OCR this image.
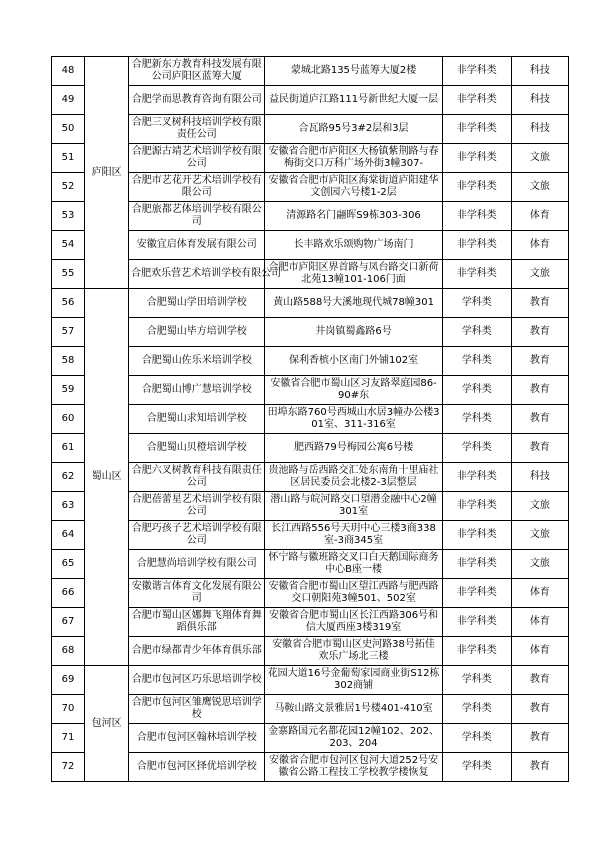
48	庐阳区	合肥新东方教育科技发展有限公司庐阳区蓝筹大厦	蒙城北路135号蓝筹大厦2楼	非学科类	科技
49		合肥学而思教育咨询有限公司	益民街道庐江路111号新世纪大厦一层	非学科类	科技
50		合肥三叉树科技培训学校有限责任公司	合瓦路95号3#2层和3层	非学科类	科技
51		合肥源古靖艺术培训学校有限公司	安徽省合肥市庐阳区大杨镇紫荆路与春梅街交口万科广场外街3幢307-	非学科类	文旅
52		合肥市艺花开艺术培训学校有限公司	安徽省合肥市庐阳区海棠街道庐阳建华文创园六号楼1-2层	非学科类	文旅
53		合肥旅都艺体培训学校有限公司	清源路名门翮晖S9栋303-306	非学科类	体育
54		安徽宜启体育发展有限公司	长丰路欢乐颂购物广场南门	非学科类	体育
55		合肥欢乐营艺术培训学校有限公司	合肥市庐阳区界首路与凤台路交口新荷北苑13幢101-106门面	非学科类	文旅
56	蜀山区	合肥蜀山学田培训学校	黄山路588号大溪地现代城78幢301	学科类	教育
57		合肥蜀山毕方培训学校	井岗镇蜀鑫路6号	学科类	教育
58		合肥蜀山佐乐米培训学校	保利香槟小区南门外铺102室	学科类	教育
59		合肥蜀山博广慧培训学校	安徽省合肥市蜀山区习友路翠庭园86-90#东	学科类	教育
60		合肥蜀山求知培训学校	田埠东路760号西城山水居3幢办公楼301室、311-316室	学科类	教育
61		合肥蜀山贝橙培训学校	肥西路79号梅园公寓6号楼	学科类	教育
62		合肥六叉树教育科技有限责任公司	贵池路与岳西路交汇处东南角十里庙社区居民委员会北楼2-3层整层	非学科类	科技
63		合肥蓓蕾星艺术培训学校有限公司	潜山路与皖河路交口望潜金融中心2幢301室	非学科类	文旅
64		合肥巧孩子艺术培训学校有限公司	长江西路556号天玥中心三楼3商338室-3商345室	非学科类	文旅
65		合肥慧尚培训学校有限公司	怀宁路与徽班路交叉口白天鹅国际商务中心B座一楼	非学科类	文旅
66		安徽谐言体育文化发展有限公司	安徽省合肥市蜀山区望江西路与肥西路交口朝阳苑3幢501、502室	非学科类	体育
67		合肥市蜀山区娜舞飞翔体育舞蹈俱乐部	安徽省合肥市蜀山区长江西路306号和信大厦西座3楼319室	非学科类	体育
68		合肥市绿都青少年体育俱乐部	安徽省合肥市蜀山区史河路38号拓佳欢乐广场北三楼	非学科类	体育
69	包河区	合肥市包河区巧乐思培训学校	花园大道16号金葡萄家园商业街S12栋302商铺	学科类	教育
70		合肥市包河区雏鹰锐思培训学校	马鞍山路文景雅居1号楼401-410室	学科类	教育
71		合肥市包河区翰林培训学校	金寨路国元名都花园12幢102、202、203、204	学科类	教育
72		合肥市包河区择优培训学校	安徽省合肥市包河区包河大道252号安徽省公路工程技工学校教学楼恢复	学科类	教育
